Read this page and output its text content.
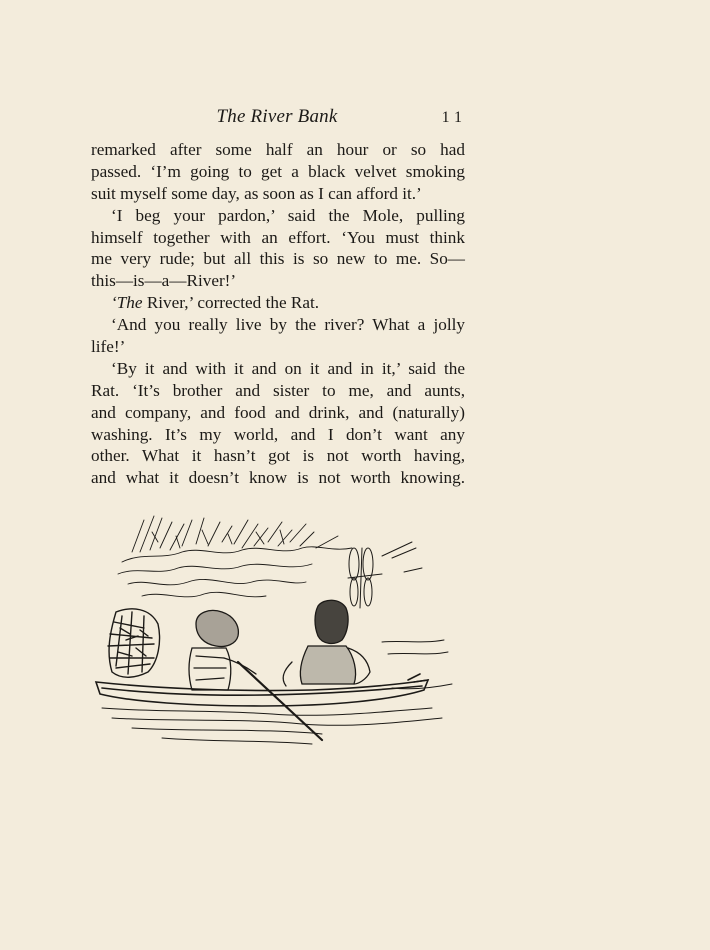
The River Bank	11
remarked after some half an hour or so had
passed. ‘I’m going to get a black velvet smoking
suit myself some day, as soon as I can afford it.’
‘I beg your pardon,’ said the Mole, pulling
himself together with an effort. ‘You must think
me very rude; but all this is so new to me. So—
this—is—a—River!’
‘The River,’ corrected the Rat.
‘And you really live by the river? What a jolly
life!’
‘By it and with it and on it and in it,’ said the
Rat. ‘It’s brother and sister to me, and aunts,
and company, and food and drink, and (naturally)
washing. It’s my world, and I don’t want any
other. What it hasn’t got is not worth having,
and what it doesn’t know is not worth knowing.
